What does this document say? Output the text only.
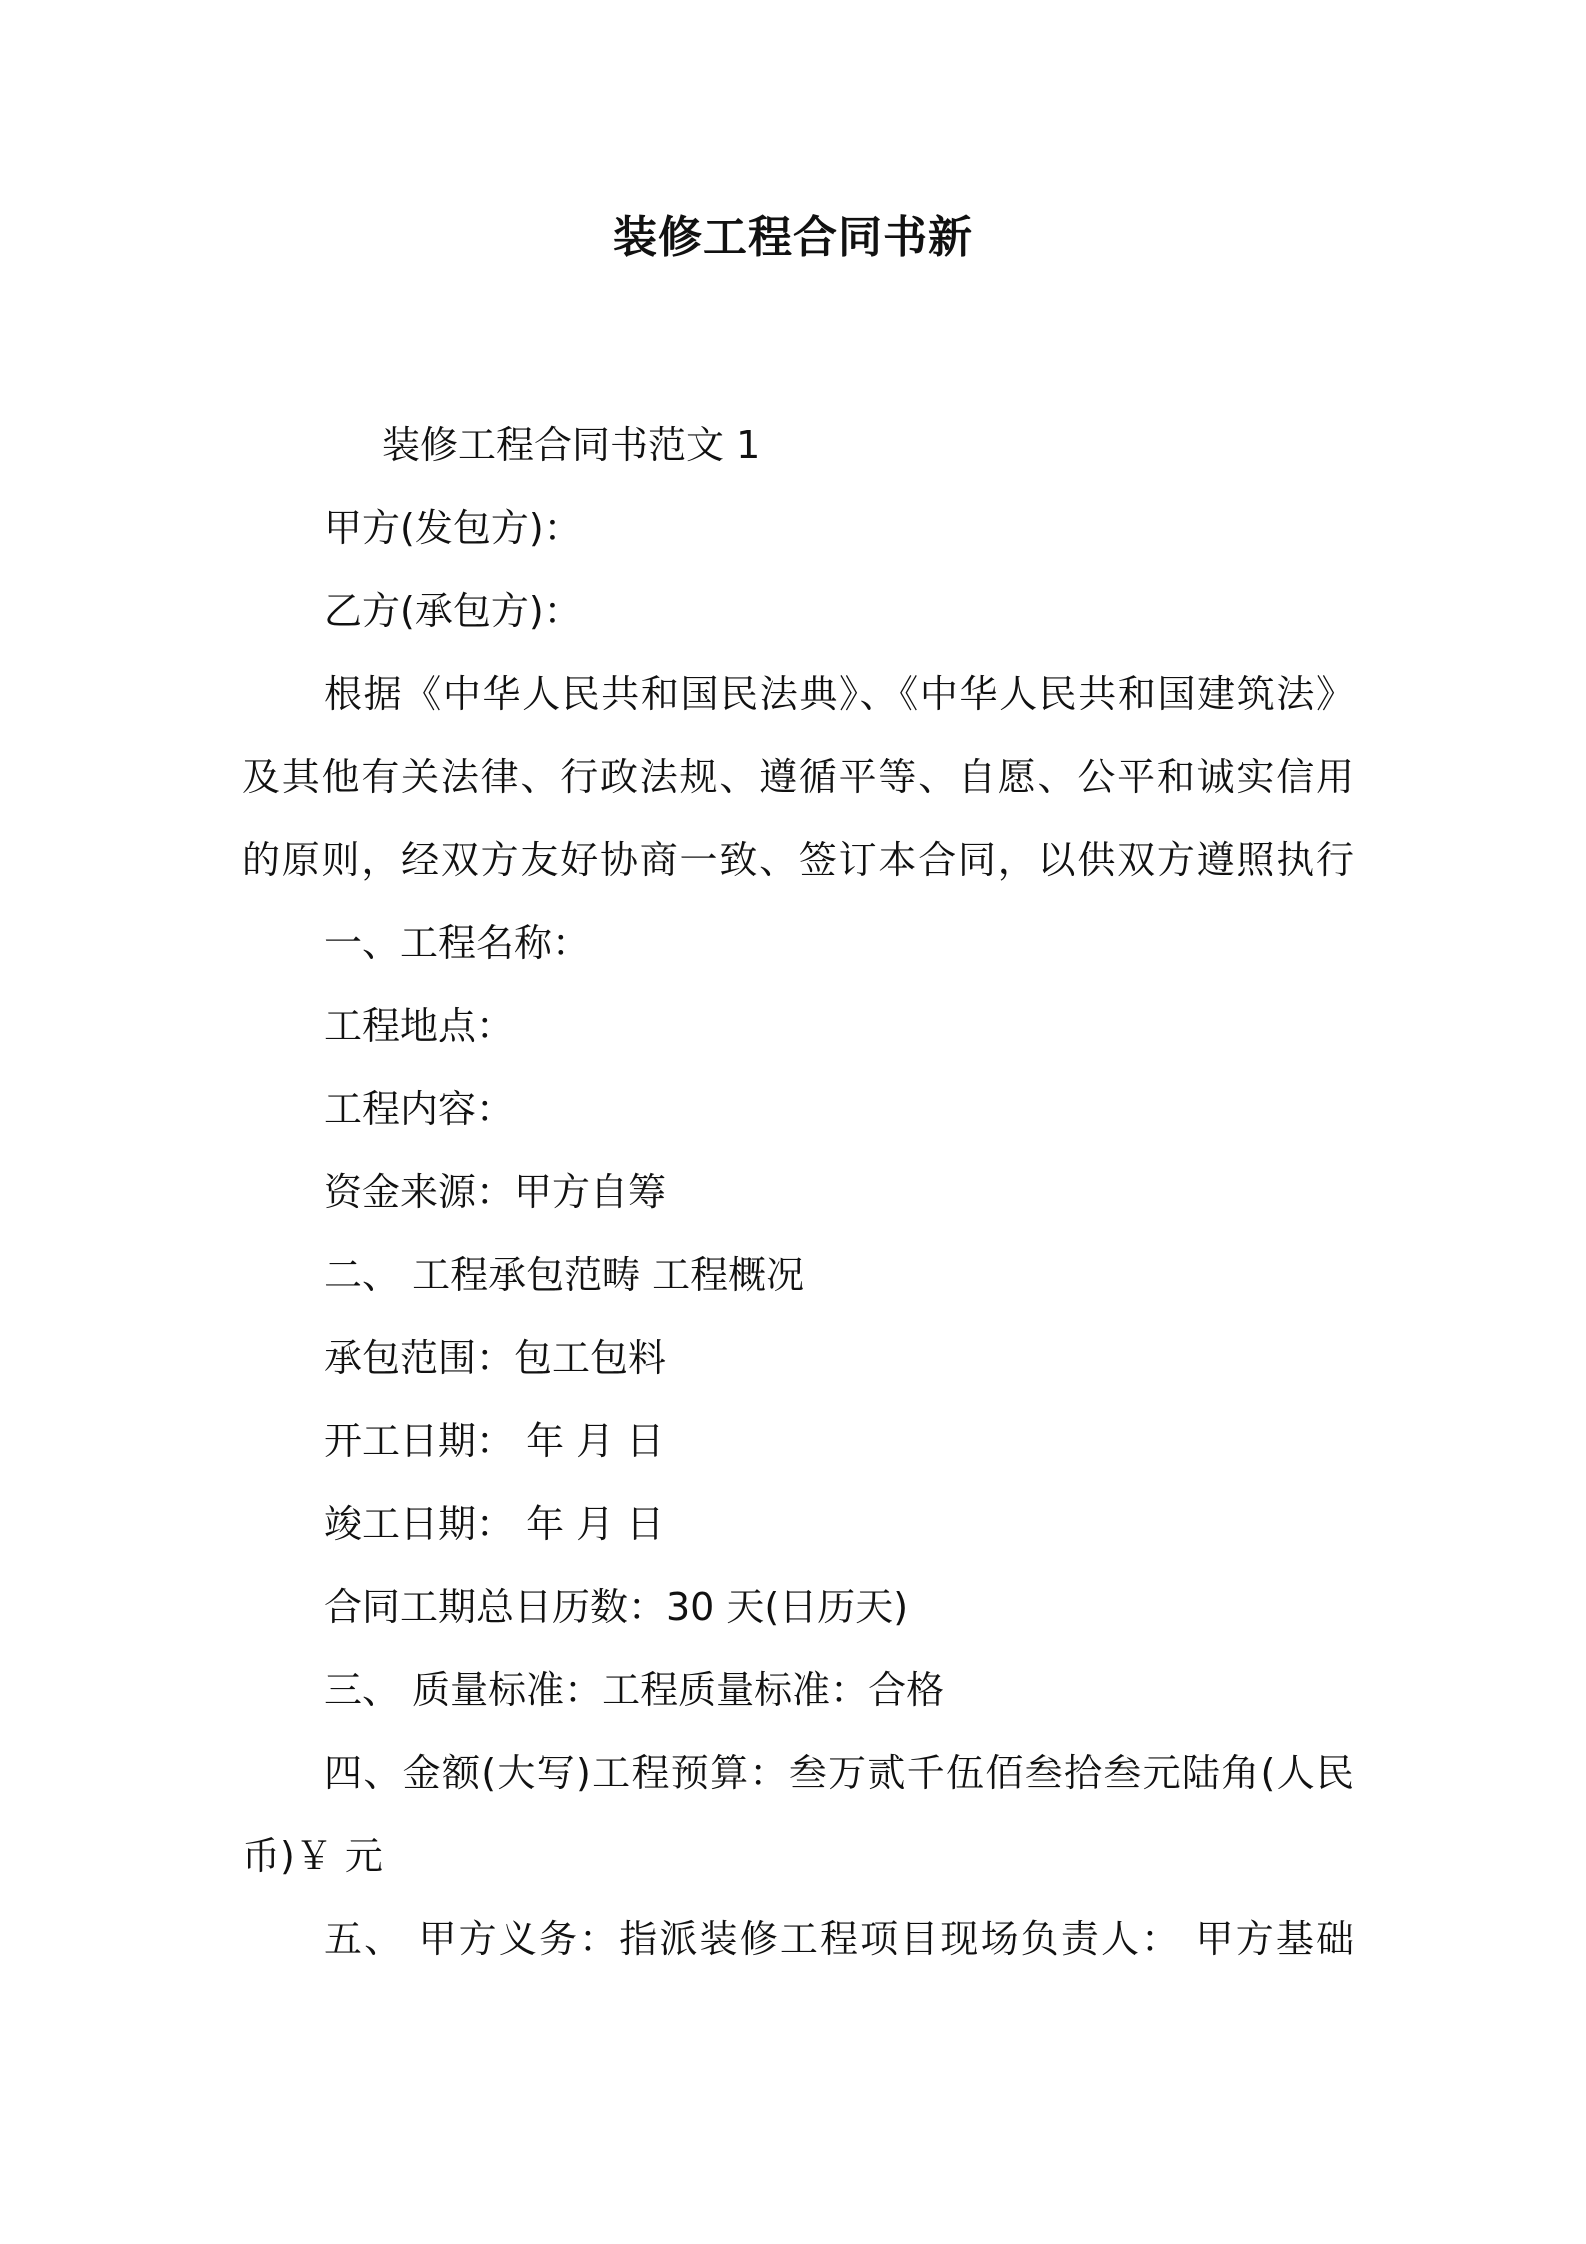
装修工程合同书新

装修工程合同书范文 1

甲方(发包方)：

乙方(承包方)：

根据《中华人民共和国民法典》、《中华人民共和国建筑法》

及其他有关法律、行政法规、遵循平等、自愿、公平和诚实信用

的原则，经双方友好协商一致、签订本合同，以供双方遵照执行

一、工程名称：

工程地点：

工程内容：

资金来源：甲方自筹

二、 工程承包范畴 工程概况

承包范围：包工包料

开工日期： 年 月 日

竣工日期： 年 月 日

合同工期总日历数：30 天(日历天)

三、 质量标准：工程质量标准：合格

四、金额(大写)工程预算：叁万贰千伍佰叁拾叁元陆角(人民

币)￥ 元

五、 甲方义务：指派装修工程项目现场负责人： 甲方基础
